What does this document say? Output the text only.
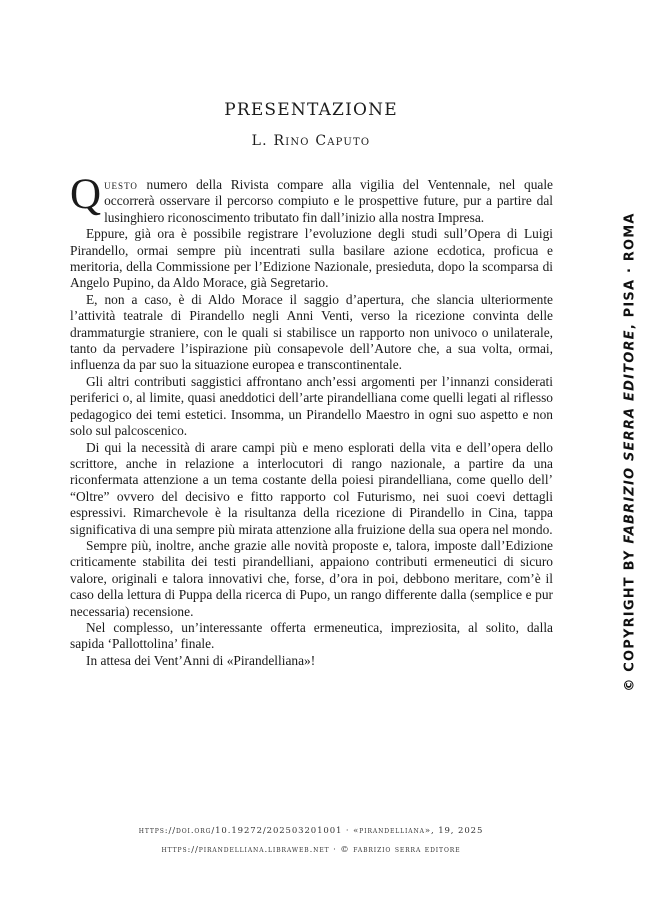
PRESENTAZIONE
L. Rino Caputo

Questo numero della Rivista compare alla vigilia del Ventennale, nel quale occorrerà osservare il percorso compiuto e le prospettive future, pur a partire dal lusinghiero riconoscimento tributato fin dall’inizio alla nostra Impresa.

Eppure, già ora è possibile registrare l’evoluzione degli studi sull’Opera di Luigi Pirandello, ormai sempre più incentrati sulla basilare azione ecdotica, proficua e meritoria, della Commissione per l’Edizione Nazionale, presieduta, dopo la scomparsa di Angelo Pupino, da Aldo Morace, già Segretario.

E, non a caso, è di Aldo Morace il saggio d’apertura, che slancia ulteriormente l’attività teatrale di Pirandello negli Anni Venti, verso la ricezione convinta delle drammaturgie straniere, con le quali si stabilisce un rapporto non univoco o unilaterale, tanto da pervadere l’ispirazione più consapevole dell’Autore che, a sua volta, ormai, influenza da par suo la situazione europea e transcontinentale.

Gli altri contributi saggistici affrontano anch’essi argomenti per l’innanzi considerati periferici o, al limite, quasi aneddotici dell’arte pirandelliana come quelli legati al riflesso pedagogico dei temi estetici. Insomma, un Pirandello Maestro in ogni suo aspetto e non solo sul palcoscenico.

Di qui la necessità di arare campi più e meno esplorati della vita e dell’opera dello scrittore, anche in relazione a interlocutori di rango nazionale, a partire da una riconfermata attenzione a un tema costante della poiesi pirandelliana, come quello dell’ “Oltre” ovvero del decisivo e fitto rapporto col Futurismo, nei suoi coevi dettagli espressivi. Rimarchevole è la risultanza della ricezione di Pirandello in Cina, tappa significativa di una sempre più mirata attenzione alla fruizione della sua opera nel mondo.

Sempre più, inoltre, anche grazie alle novità proposte e, talora, imposte dall’Edizione criticamente stabilita dei testi pirandelliani, appaiono contributi ermeneutici di sicuro valore, originali e talora innovativi che, forse, d’ora in poi, debbono meritare, com’è il caso della lettura di Puppa della ricerca di Pupo, un rango differente dalla (semplice e pur necessaria) recensione.

Nel complesso, un’interessante offerta ermeneutica, impreziosita, al solito, dalla sapida ‘Pallottolina’ finale.

In attesa dei Vent’Anni di «Pirandelliana»!

https://doi.org/10.19272/202503201001 · «pirandelliana», 19, 2025
https://pirandelliana.libraweb.net · © fabrizio serra editore
© COPYRIGHT BY FABRIZIO SERRA EDITORE, PISA · ROMA
